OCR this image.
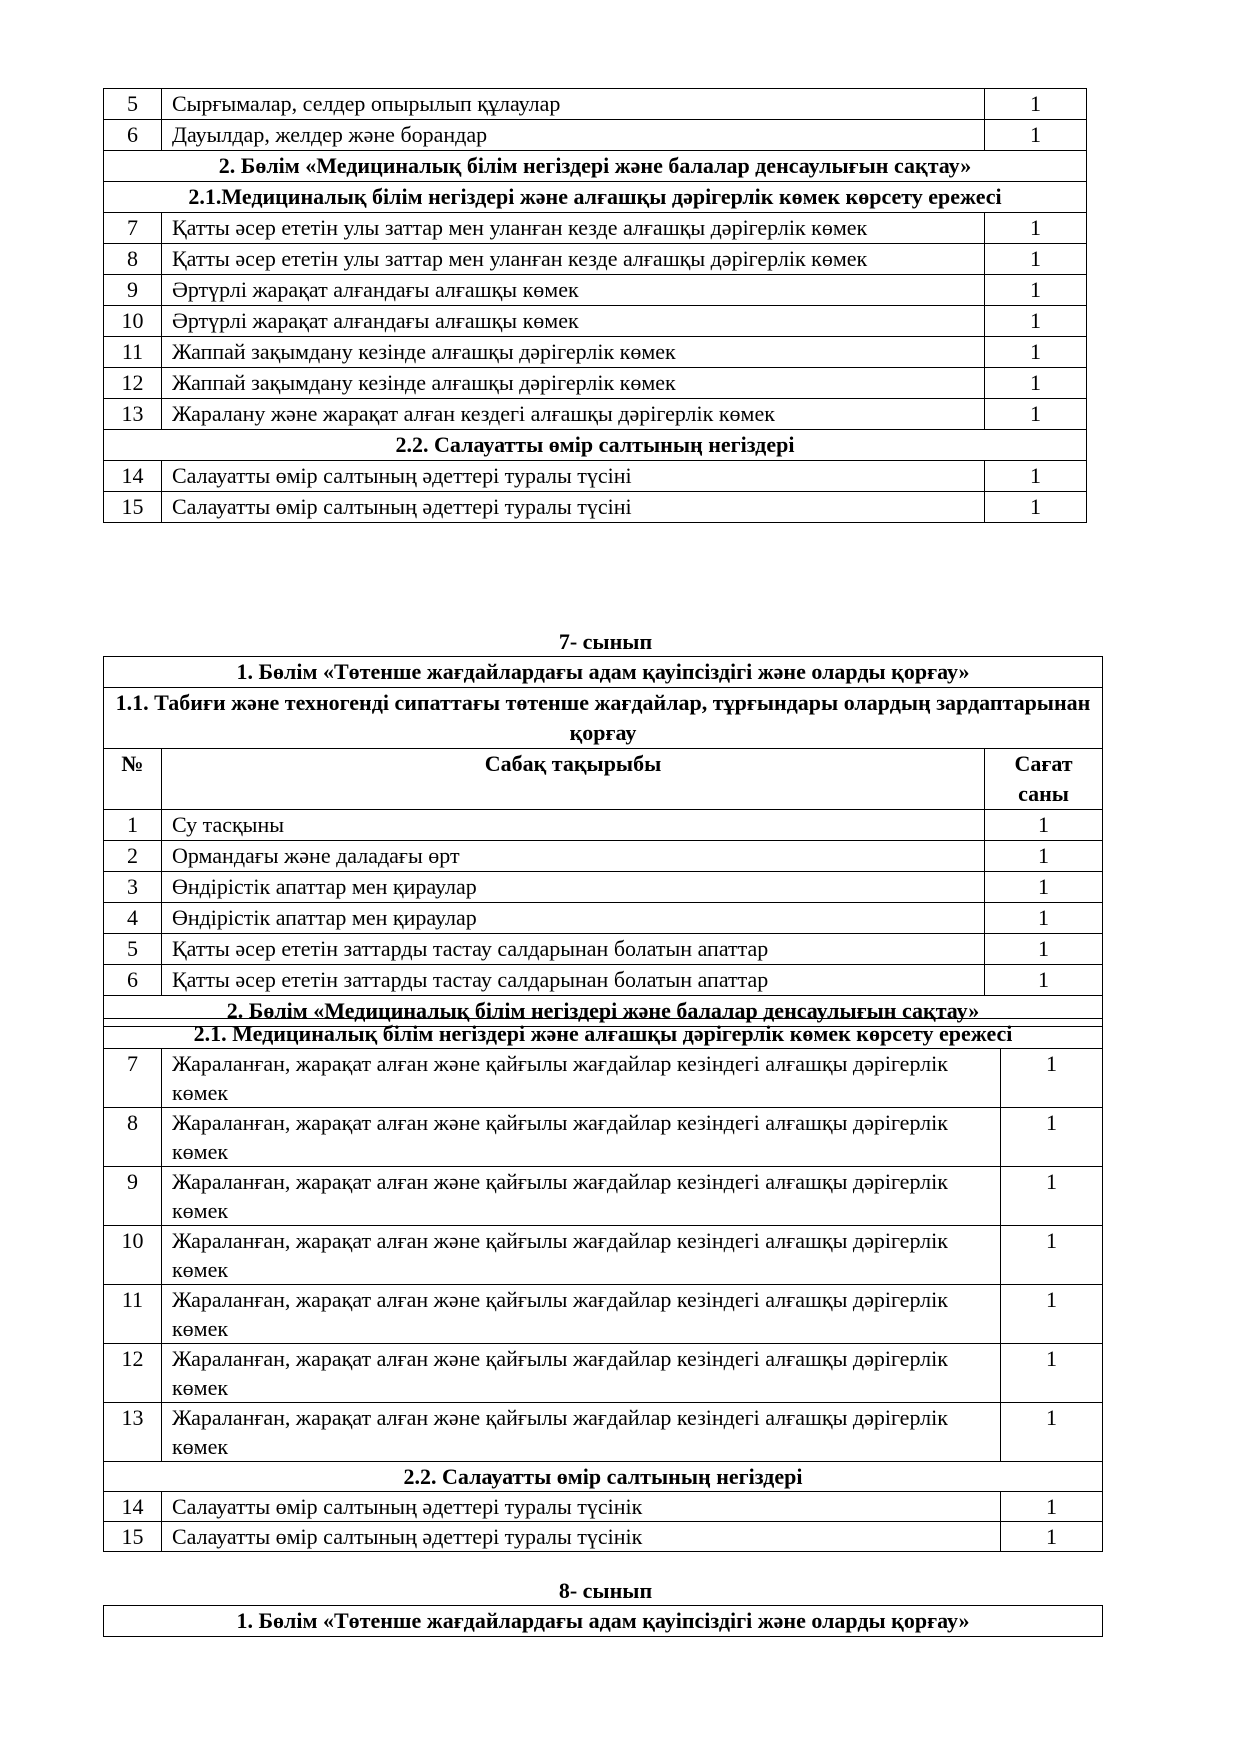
5	Сырғымалар, селдер опырылып құлаулар	1
6	Дауылдар, желдер және борандар	1
2. Бөлім «Медициналық білім негіздері және балалар денсаулығын сақтау»		
2.1.Медициналық білім негіздері және алғашқы дәрігерлік көмек көрсету ережесі		
7	Қатты әсер ететін улы заттар мен уланған кезде алғашқы дәрігерлік көмек	1
8	Қатты әсер ететін улы заттар мен уланған кезде алғашқы дәрігерлік көмек	1
9	Әртүрлі жарақат алғандағы алғашқы көмек	1
10	Әртүрлі жарақат алғандағы алғашқы көмек	1
11	Жаппай зақымдану кезінде алғашқы дәрігерлік көмек	1
12	Жаппай зақымдану кезінде алғашқы дәрігерлік көмек	1
13	Жаралану және жарақат алған кездегі алғашқы дәрігерлік көмек	1
2.2. Салауатты өмір салтының негіздері		
14	Салауатты өмір салтының әдеттері туралы түсіні	1
15	Салауатты өмір салтының әдеттері туралы түсіні	1
7- сынып
1. Бөлім «Төтенше жағдайлардағы адам қауіпсіздігі және оларды қорғау»		
1.1. Табиғи және техногенді сипаттағы төтенше жағдайлар, тұрғындары олардың зардаптарынан қорғау		
№	Сабақ тақырыбы	Сағат саны
1	Су тасқыны	1
2	Ормандағы және даладағы өрт	1
3	Өндірістік апаттар мен қираулар	1
4	Өндірістік апаттар мен қираулар	1
5	Қатты әсер ететін заттарды тастау салдарынан болатын апаттар	1
6	Қатты әсер ететін заттарды тастау салдарынан болатын апаттар	1
2. Бөлім «Медициналық білім негіздері және балалар денсаулығын сақтау»		
2.1. Медициналық білім негіздері және алғашқы дәрігерлік көмек көрсету ережесі		
7	Жараланған, жарақат алған және қайғылы жағдайлар кезіндегі алғашқы дәрігерлік көмек	1
8	Жараланған, жарақат алған және қайғылы жағдайлар кезіндегі алғашқы дәрігерлік көмек	1
9	Жараланған, жарақат алған және қайғылы жағдайлар кезіндегі алғашқы дәрігерлік көмек	1
10	Жараланған, жарақат алған және қайғылы жағдайлар кезіндегі алғашқы дәрігерлік көмек	1
11	Жараланған, жарақат алған және қайғылы жағдайлар кезіндегі алғашқы дәрігерлік көмек	1
12	Жараланған, жарақат алған және қайғылы жағдайлар кезіндегі алғашқы дәрігерлік көмек	1
13	Жараланған, жарақат алған және қайғылы жағдайлар кезіндегі алғашқы дәрігерлік көмек	1
2.2. Салауатты өмір салтының негіздері		
14	Салауатты өмір салтының әдеттері туралы түсінік	1
15	Салауатты өмір салтының әдеттері туралы түсінік	1
8- сынып
1. Бөлім «Төтенше жағдайлардағы адам қауіпсіздігі және оларды қорғау»
